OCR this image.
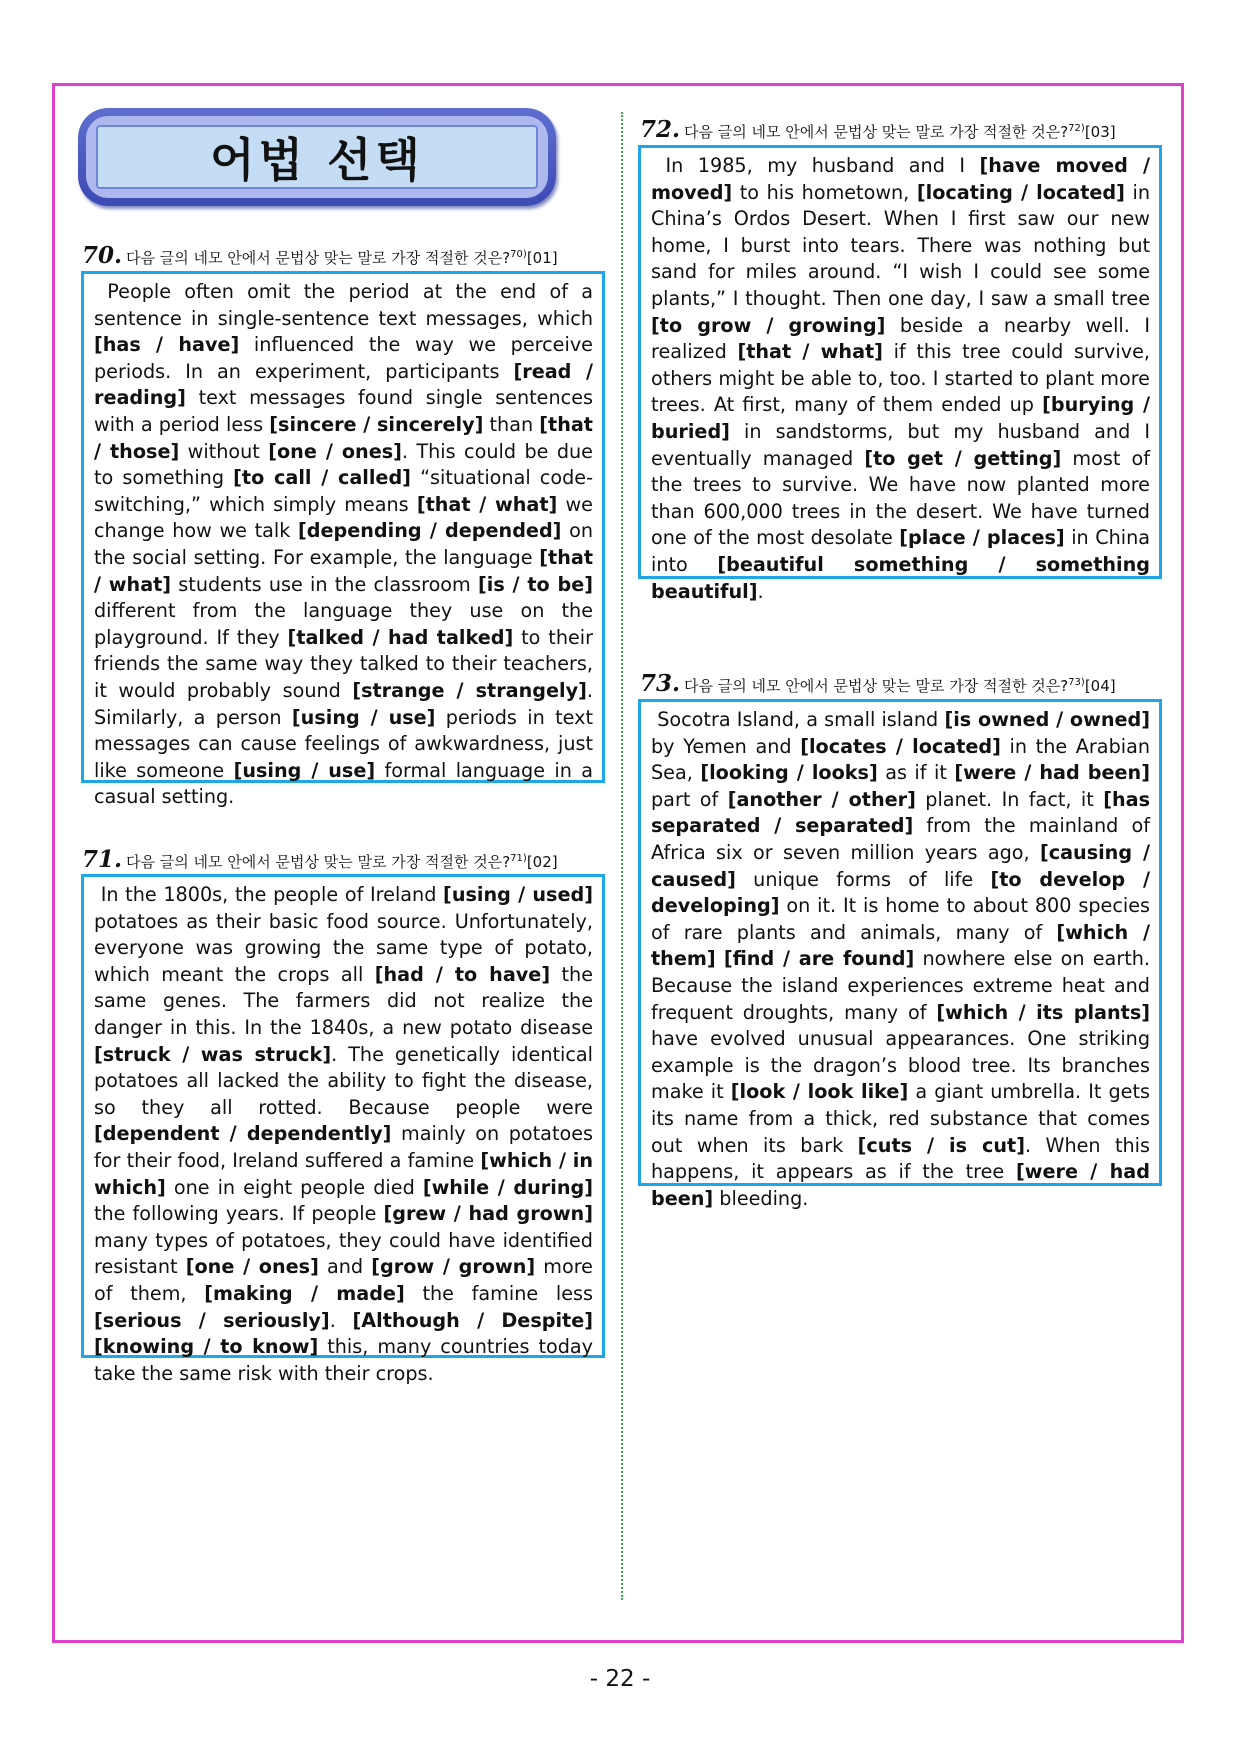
어법 선택
70. 다음 글의 네모 안에서 문법상 맞는 말로 가장 적절한 것은?$^{70)}$[01]

People often omit the period at the end of a sentence in single-sentence text messages, which [has / have] influenced the way we perceive periods. In an experiment, participants [read / reading] text messages found single sentences with a period less [sincere / sincerely] than [that / those] without [one / ones]. This could be due to something [to call / called] “situational code-switching,” which simply means [that / what] we change how we talk [depending / depended] on the social setting. For example, the language [that / what] students use in the classroom [is / to be] different from the language they use on the playground. If they [talked / had talked] to their friends the same way they talked to their teachers, it would probably sound [strange / strangely]. Similarly, a person [using / use] periods in text messages can cause feelings of awkwardness, just like someone [using / use] formal language in a casual setting.

71. 다음 글의 네모 안에서 문법상 맞는 말로 가장 적절한 것은?$^{71)}$[02]

In the 1800s, the people of Ireland [using / used] potatoes as their basic food source. Unfortunately, everyone was growing the same type of potato, which meant the crops all [had / to have] the same genes. The farmers did not realize the danger in this. In the 1840s, a new potato disease [struck / was struck]. The genetically identical potatoes all lacked the ability to fight the disease, so they all rotted. Because people were [dependent / dependently] mainly on potatoes for their food, Ireland suffered a famine [which / in which] one in eight people died [while / during] the following years. If people [grew / had grown] many types of potatoes, they could have identified resistant [one / ones] and [grow / grown] more of them, [making / made] the famine less [serious / seriously]. [Although / Despite] [knowing / to know] this, many countries today take the same risk with their crops.

72. 다음 글의 네모 안에서 문법상 맞는 말로 가장 적절한 것은?$^{72)}$[03]

In 1985, my husband and I [have moved / moved] to his hometown, [locating / located] in China’s Ordos Desert. When I first saw our new home, I burst into tears. There was nothing but sand for miles around. “I wish I could see some plants,” I thought. Then one day, I saw a small tree [to grow / growing] beside a nearby well. I realized [that / what] if this tree could survive, others might be able to, too. I started to plant more trees. At first, many of them ended up [burying / buried] in sandstorms, but my husband and I eventually managed [to get / getting] most of the trees to survive. We have now planted more than 600,000 trees in the desert. We have turned one of the most desolate [place / places] in China into [beautiful something / something beautiful].

73. 다음 글의 네모 안에서 문법상 맞는 말로 가장 적절한 것은?$^{73)}$[04]

Socotra Island, a small island [is owned / owned] by Yemen and [locates / located] in the Arabian Sea, [looking / looks] as if it [were / had been] part of [another / other] planet. In fact, it [has separated / separated] from the mainland of Africa six or seven million years ago, [causing / caused] unique forms of life [to develop / developing] on it. It is home to about 800 species of rare plants and animals, many of [which / them] [find / are found] nowhere else on earth. Because the island experiences extreme heat and frequent droughts, many of [which / its plants] have evolved unusual appearances. One striking example is the dragon’s blood tree. Its branches make it [look / look like] a giant umbrella. It gets its name from a thick, red substance that comes out when its bark [cuts / is cut]. When this happens, it appears as if the tree [were / had been] bleeding.

- 22 -
